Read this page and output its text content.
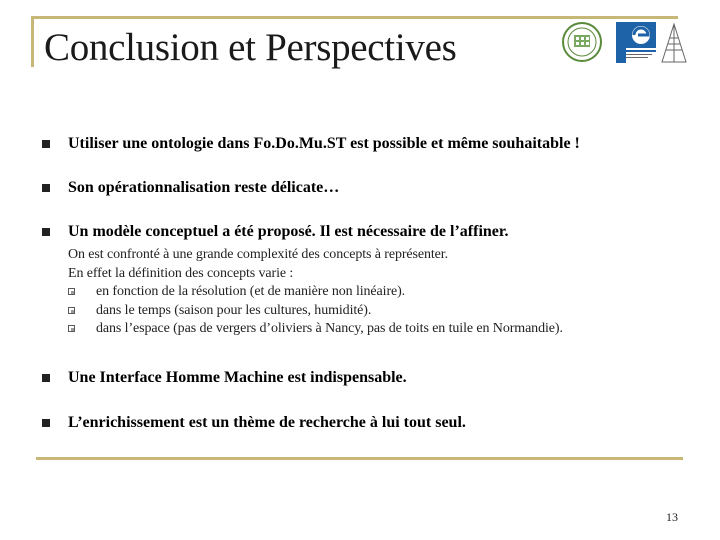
Conclusion et Perspectives
Utiliser une ontologie dans Fo.Do.Mu.ST est possible et même souhaitable !
Son opérationnalisation reste délicate…
Un modèle conceptuel a été proposé. Il est nécessaire de l’affiner.
Une Interface Homme Machine est indispensable.
L’enrichissement est un thème de recherche à lui tout seul.
On est confronté à une grande complexité des concepts à représenter.
En effet la définition des concepts varie :
en fonction de la résolution (et de manière non linéaire).
dans le temps (saison pour les cultures, humidité).
dans l’espace (pas de vergers d’oliviers à Nancy, pas de toits en tuile en Normandie).
13
